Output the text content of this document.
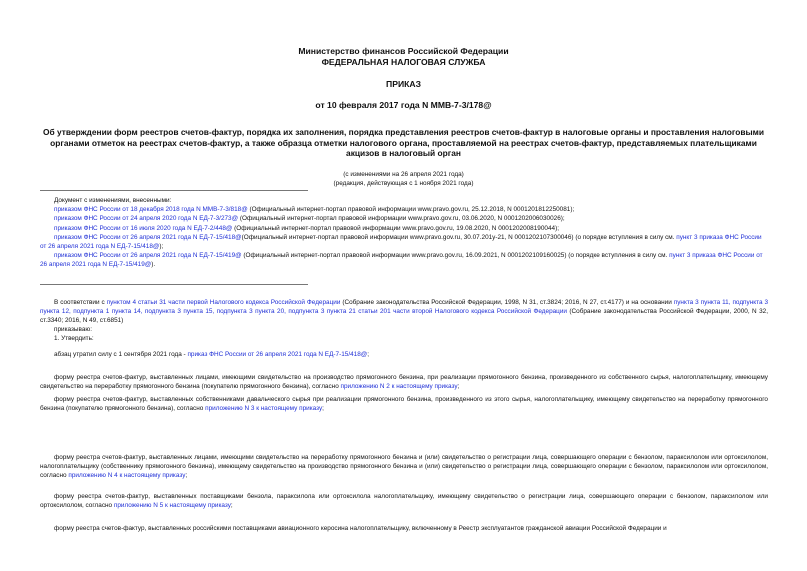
Министерство финансов Российской Федерации
ФЕДЕРАЛЬНАЯ НАЛОГОВАЯ СЛУЖБА
ПРИКАЗ
от 10 февраля 2017 года N ММВ-7-3/178@
Об утверждении форм реестров счетов-фактур, порядка их заполнения, порядка представления реестров счетов-фактур в налоговые органы и проставления налоговыми органами отметок на реестрах счетов-фактур, а также образца отметки налогового органа, проставляемой на реестрах счетов-фактур, представляемых плательщиками акцизов в налоговый орган
(с изменениями на 26 апреля 2021 года)
(редакция, действующая с 1 ноября 2021 года)

Документ с изменениями, внесенными:

приказом ФНС России от 18 декабря 2018 года N ММВ-7-3/818@ (Официальный интернет-портал правовой информации www.pravo.gov.ru, 25.12.2018, N 0001201812250081);

приказом ФНС России от 24 апреля 2020 года N ЕД-7-3/273@ (Официальный интернет-портал правовой информации www.pravo.gov.ru, 03.06.2020, N 0001202006030026);

приказом ФНС России от 16 июля 2020 года N ЕД-7-2/448@ (Официальный интернет-портал правовой информации www.pravo.gov.ru, 19.08.2020, N 0001202008190044);

приказом ФНС России от 26 апреля 2021 года N ЕД-7-15/418@(Официальный интернет-портал правовой информации www.pravo.gov.ru, 30.07.201у-21, N 0001202107300046) (о порядке вступления в силу см. пункт 3 приказа ФНС России от 26 апреля 2021 года N ЕД-7-15/418@);

приказом ФНС России от 26 апреля 2021 года N ЕД-7-15/419@ (Официальный интернет-портал правовой информации www.pravo.gov.ru, 16.09.2021, N 0001202109160025) (о порядке вступления в силу см. пункт 3 приказа ФНС России от 26 апреля 2021 года N ЕД-7-15/419@).

В соответствии с пунктом 4 статьи 31 части первой Налогового кодекса Российской Федерации (Собрание законодательства Российской Федерации, 1998, N 31, ст.3824; 2016, N 27, ст.4177) и на основании пункта 3 пункта 11, подпункта 3 пункта 12, подпункта 1 пункта 14, подпункта 3 пункта 15, подпункта 3 пункта 20, подпункта 3 пункта 21 статьи 201 части второй Налогового кодекса Российской Федерации (Собрание законодательства Российской Федерации, 2000, N 32, ст.3340; 2016, N 49, ст.6851)

приказываю:

1. Утвердить:

абзац утратил силу с 1 сентября 2021 года - приказ ФНС России от 26 апреля 2021 года N ЕД-7-15/418@;

форму реестра счетов-фактур, выставленных лицами, имеющими свидетельство на производство прямогонного бензина, при реализации прямогонного бензина, произведенного из собственного сырья, налогоплательщику, имеющему свидетельство на переработку прямогонного бензина (покупателю прямогонного бензина), согласно приложению N 2 к настоящему приказу;

форму реестра счетов-фактур, выставленных собственниками давальческого сырья при реализации прямогонного бензина, произведенного из этого сырья, налогоплательщику, имеющему свидетельство на переработку прямогонного бензина (покупателю прямогонного бензина), согласно приложению N 3 к настоящему приказу;

форму реестра счетов-фактур, выставленных лицами, имеющими свидетельство на переработку прямогонного бензина и (или) свидетельство о регистрации лица, совершающего операции с бензолом, параксилолом или ортоксилолом, налогоплательщику (собственнику прямогонного бензина), имеющему свидетельство на производство прямогонного бензина и (или) свидетельство о регистрации лица, совершающего операции с бензолом, параксилолом или ортоксилолом, согласно приложению N 4 к настоящему приказу;

форму реестра счетов-фактур, выставленных поставщиками бензола, параксилола или ортоксилола налогоплательщику, имеющему свидетельство о регистрации лица, совершающего операции с бензолом, параксилолом или ортоксилолом, согласно приложению N 5 к настоящему приказу;

форму реестра счетов-фактур, выставленных российскими поставщиками авиационного керосина налогоплательщику, включенному в Реестр эксплуатантов гражданской авиации Российской Федерации и
